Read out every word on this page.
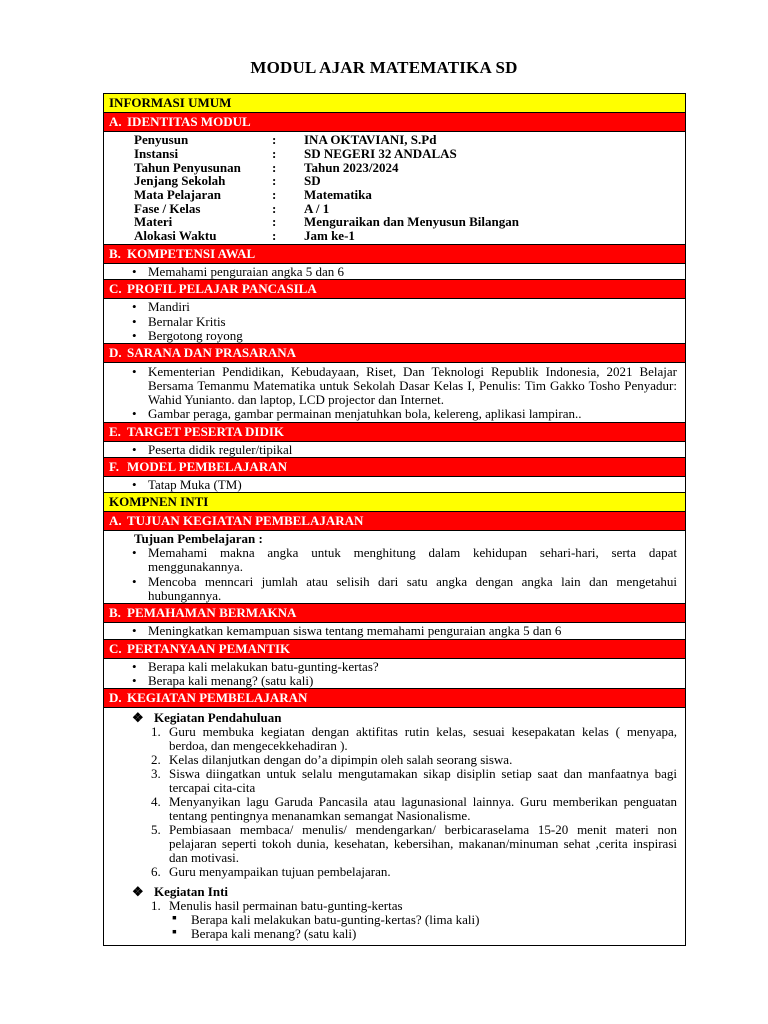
MODUL AJAR MATEMATIKA SD
INFORMASI UMUM
A. IDENTITAS MODUL
Penyusun	: INA OKTAVIANI, S.Pd
Instansi	: SD NEGERI 32 ANDALAS
Tahun Penyusunan : Tahun 2023/2024
Jenjang Sekolah	: SD
Mata Pelajaran	: Matematika
Fase / Kelas	: A / 1
Materi	: Menguraikan dan Menyusun Bilangan
Alokasi Waktu	: Jam ke-1
B. KOMPETENSI AWAL
• Memahami penguraian angka 5 dan 6
C. PROFIL PELAJAR PANCASILA
• Mandiri
• Bernalar Kritis
• Bergotong royong
D. SARANA DAN PRASARANA
• Kementerian Pendidikan, Kebudayaan, Riset, Dan Teknologi Republik Indonesia, 2021 Belajar Bersama Temanmu Matematika untuk Sekolah Dasar Kelas I, Penulis: Tim Gakko Tosho Penyadur: Wahid Yunianto. dan laptop, LCD projector dan Internet.
• Gambar peraga, gambar permainan menjatuhkan bola, kelereng, aplikasi lampiran..
E. TARGET PESERTA DIDIK
• Peserta didik reguler/tipikal
F. MODEL PEMBELAJARAN
• Tatap Muka (TM)
KOMPNEN INTI
A. TUJUAN KEGIATAN PEMBELAJARAN
Tujuan Pembelajaran :
• Memahami makna angka untuk menghitung dalam kehidupan sehari-hari, serta dapat menggunakannya.
• Mencoba menncari jumlah atau selisih dari satu angka dengan angka lain dan mengetahui hubungannya.
B. PEMAHAMAN BERMAKNA
• Meningkatkan kemampuan siswa tentang memahami penguraian angka 5 dan 6
C. PERTANYAAN PEMANTIK
• Berapa kali melakukan batu-gunting-kertas?
• Berapa kali menang? (satu kali)
D. KEGIATAN PEMBELAJARAN
❖ Kegiatan Pendahuluan
1. Guru membuka kegiatan dengan aktifitas rutin kelas, sesuai kesepakatan kelas ( menyapa, berdoa, dan mengecekkehadiran ).
2. Kelas dilanjutkan dengan do’a dipimpin oleh salah seorang siswa.
3. Siswa diingatkan untuk selalu mengutamakan sikap disiplin setiap saat dan manfaatnya bagi tercapai cita-cita
4. Menyanyikan lagu Garuda Pancasila atau lagunasional lainnya. Guru memberikan penguatan tentang pentingnya menanamkan semangat Nasionalisme.
5. Pembiasaan membaca/ menulis/ mendengarkan/ berbicaraselama 15-20 menit materi non pelajaran seperti tokoh dunia, kesehatan, kebersihan, makanan/minuman sehat ,cerita inspirasi dan motivasi.
6. Guru menyampaikan tujuan pembelajaran.
❖ Kegiatan Inti
1. Menulis hasil permainan batu-gunting-kertas
▪ Berapa kali melakukan batu-gunting-kertas? (lima kali)
▪ Berapa kali menang? (satu kali)
